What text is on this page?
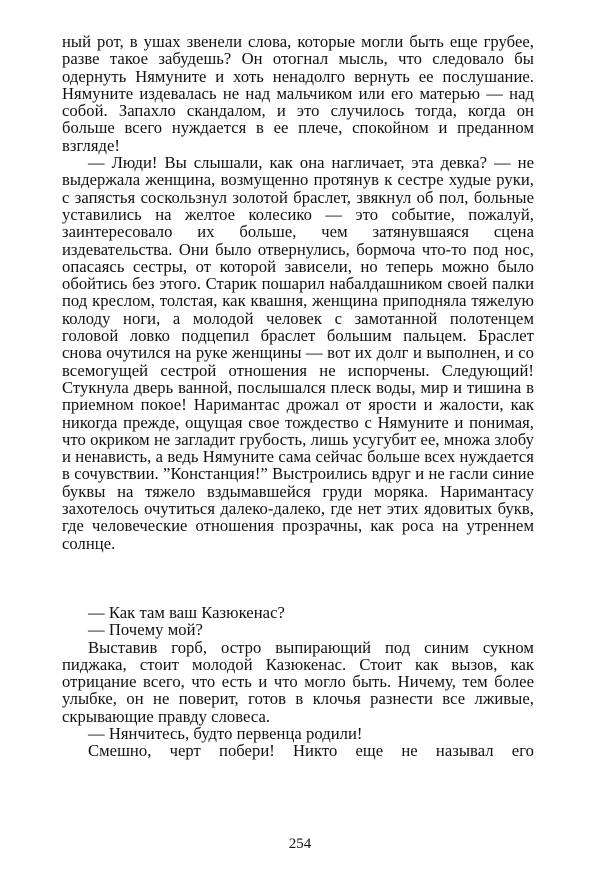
ный рот, в ушах звенели слова, которые могли быть еще грубее, разве такое забудешь? Он отогнал мысль, что следовало бы одернуть Нямуните и хоть ненадолго вернуть ее послушание. Нямуните издевалась не над мальчиком или его матерью — над собой. Запахло скандалом, и это случилось тогда, когда он больше всего нуждается в ее плече, спокойном и преданном взгляде!

— Люди! Вы слышали, как она нагличает, эта девка? — не выдержала женщина, возмущенно протянув к сестре худые руки, с запястья соскользнул золотой браслет, звякнул об пол, больные уставились на желтое колесико — это событие, пожалуй, заинтересовало их больше, чем затянувшаяся сцена издевательства. Они было отвернулись, бормоча что-то под нос, опасаясь сестры, от которой зависели, но теперь можно было обойтись без этого. Старик пошарил набалдашником своей палки под креслом, толстая, как квашня, женщина приподняла тяжелую колоду ноги, а молодой человек с замотанной полотенцем головой ловко подцепил браслет большим пальцем. Браслет снова очутился на руке женщины — вот их долг и выполнен, и со всемогущей сестрой отношения не испорчены. Следующий! Стукнула дверь ванной, послышался плеск воды, мир и тишина в приемном покое! Наримантас дрожал от ярости и жалости, как никогда прежде, ощущая свое тождество с Нямуните и понимая, что окриком не загладит грубость, лишь усугубит ее, множа злобу и ненависть, а ведь Нямуните сама сейчас больше всех нуждается в сочувствии. ”Констанция!” Выстроились вдруг и не гасли синие буквы на тяжело вздымавшейся груди моряка. Наримантасу захотелось очутиться далеко-далеко, где нет этих ядовитых букв, где человеческие отношения прозрачны, как роса на утреннем солнце.

— Как там ваш Казюкенас?

— Почему мой?

Выставив горб, остро выпирающий под синим сукном пиджака, стоит молодой Казюкенас. Стоит как вызов, как отрицание всего, что есть и что могло быть. Ничему, тем более улыбке, он не поверит, готов в клочья разнести все лживые, скрывающие правду словеса.

— Нянчитесь, будто первенца родили!

Смешно, черт побери! Никто еще не называл его

254
